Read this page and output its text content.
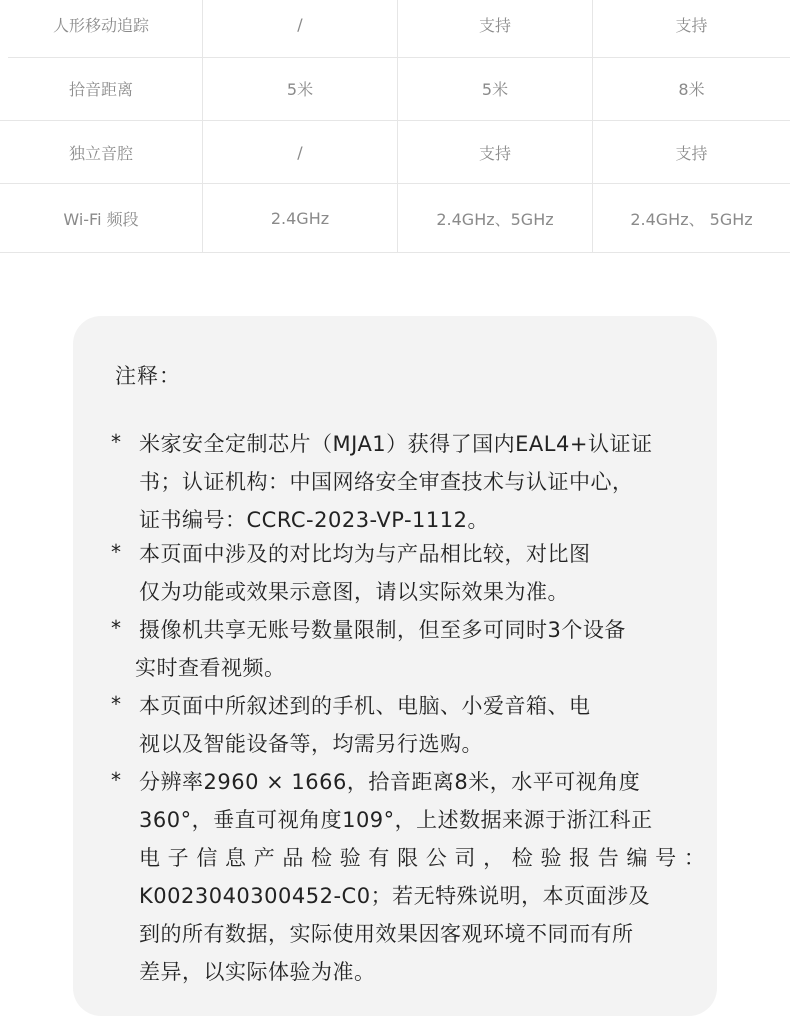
人形移动追踪	/	支持	支持
拾音距离	5米	5米	8米
独立音腔	/	支持	支持
Wi-Fi 频段	2.4GHz	2.4GHz、5GHz	2.4GHz、 5GHz
注释：
* 米家安全定制芯片（MJA1）获得了国内EAL4+认证证
书；认证机构：中国网络安全审查技术与认证中心，
证书编号：CCRC-2023-VP-1112。
* 本页面中涉及的对比均为与产品相比较，对比图
仅为功能或效果示意图，请以实际效果为准。
* 摄像机共享无账号数量限制，但至多可同时3个设备
实时查看视频。
* 本页面中所叙述到的手机、电脑、小爱音箱、电
视以及智能设备等，均需另行选购。
* 分辨率2960 × 1666，拾音距离8米，水平可视角度
360°，垂直可视角度109°，上述数据来源于浙江科正
电 子 信 息 产 品 检 验 有 限 公 司 ， 检 验 报 告 编 号 ：
K0023040300452-C0；若无特殊说明，本页面涉及
到的所有数据，实际使用效果因客观环境不同而有所
差异，以实际体验为准。
